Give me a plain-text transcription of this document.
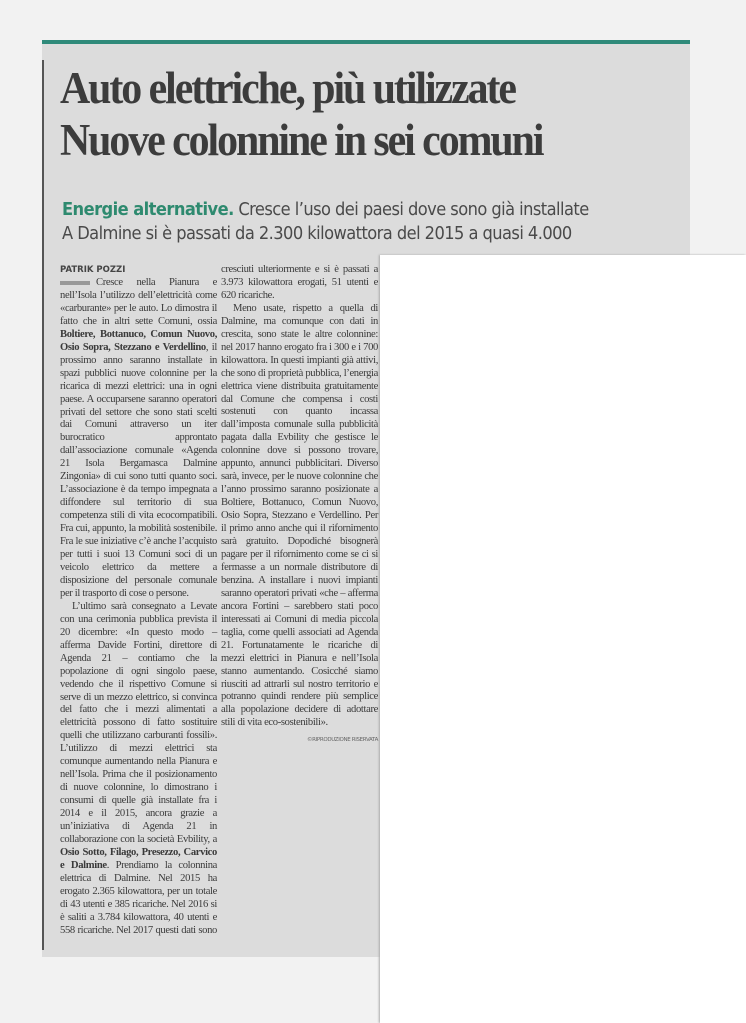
Auto elettriche, più utilizzate
Nuove colonnine in sei comuni
Energie alternative. Cresce l’uso dei paesi dove sono già installate
A Dalmine si è passati da 2.300 kilowattora del 2015 a quasi 4.000
PATRIK POZZI

Cresce nella Pianura e nell’Isola l’utilizzo dell’elettricità come «carburante» per le auto. Lo dimostra il fatto che in altri sette Comuni, ossia Boltiere, Bottanuco, Comun Nuovo, Osio Sopra, Stezzano e Verdellino, il prossimo anno saranno installate in spazi pubblici nuove colonnine per la ricarica di mezzi elettrici: una in ogni paese. A occuparsene saranno operatori privati del settore che sono stati scelti dai Comuni attraverso un iter burocratico approntato dall’associazione comunale «Agenda 21 Isola Bergamasca Dalmine Zingonia» di cui sono tutti quanto soci. L’associazione è da tempo impegnata a diffondere sul territorio di sua competenza stili di vita ecocompatibili. Fra cui, appunto, la mobilità sostenibile. Fra le sue iniziative c’è anche l’acquisto per tutti i suoi 13 Comuni soci di un veicolo elettrico da mettere a disposizione del personale comunale per il trasporto di cose o persone.

L’ultimo sarà consegnato a Levate con una cerimonia pubblica prevista il 20 dicembre: «In questo modo – afferma Davide Fortini, direttore di Agenda 21 – contiamo che la popolazione di ogni singolo paese, vedendo che il rispettivo Comune si serve di un mezzo elettrico, si convinca del fatto che i mezzi alimentati a elettricità possono di fatto sostituire quelli che utilizzano carburanti fossili». L’utilizzo di mezzi elettrici sta comunque aumentando nella Pianura e nell’Isola. Prima che il posizionamento di nuove colonnine, lo dimostrano i consumi di quelle già installate fra i 2014 e il 2015, ancora grazie a un’iniziativa di Agenda 21 in collaborazione con la società Evbility, a Osio Sotto, Filago, Presezzo, Carvico e Dalmine. Prendiamo la colonnina elettrica di Dalmine. Nel 2015 ha erogato 2.365 kilowattora, per un totale di 43 utenti e 385 ricariche. Nel 2016 si è saliti a 3.784 kilowattora, 40 utenti e 558 ricariche. Nel 2017 questi dati sono cresciuti ulteriormente e si è passati a 3.973 kilowattora erogati, 51 utenti e 620 ricariche.

Meno usate, rispetto a quella di Dalmine, ma comunque con dati in crescita, sono state le altre colonnine: nel 2017 hanno erogato fra i 300 e i 700 kilowattora. In questi impianti già attivi, che sono di proprietà pubblica, l’energia elettrica viene distribuita gratuitamente dal Comune che compensa i costi sostenuti con quanto incassa dall’imposta comunale sulla pubblicità pagata dalla Evbility che gestisce le colonnine dove si possono trovare, appunto, annunci pubblicitari. Diverso sarà, invece, per le nuove colonnine che l’anno prossimo saranno posizionate a Boltiere, Bottanuco, Comun Nuovo, Osio Sopra, Stezzano e Verdellino. Per il primo anno anche qui il rifornimento sarà gratuito. Dopodiché bisognerà pagare per il rifornimento come se ci si fermasse a un normale distributore di benzina. A installare i nuovi impianti saranno operatori privati «che – afferma ancora Fortini – sarebbero stati poco interessati ai Comuni di media piccola taglia, come quelli associati ad Agenda 21. Fortunatamente le ricariche di mezzi elettrici in Pianura e nell’Isola stanno aumentando. Cosicché siamo riusciti ad attrarli sul nostro territorio e potranno quindi rendere più semplice alla popolazione decidere di adottare stili di vita eco-sostenibili».

©RIPRODUZIONE RISERVATA
